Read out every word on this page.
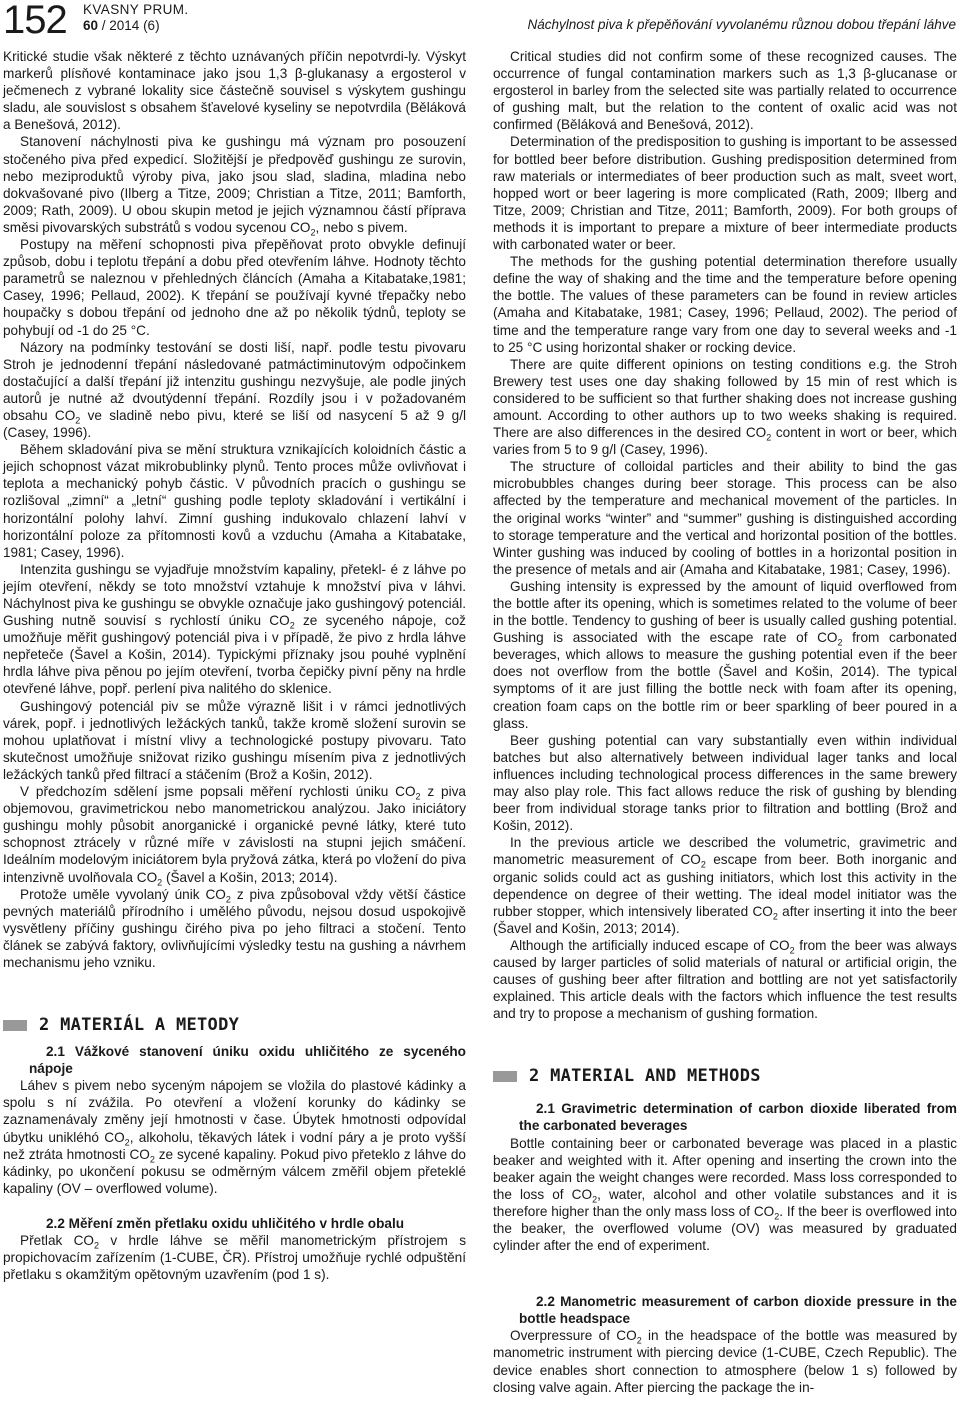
152 KVASNY PRUM.
60 / 2014 (6)	Náchylnost piva k přepěňování vyvolanému různou dobou třepání láhve

Kritické studie však některé z těchto uznávaných příčin nepotvrdi-ly. Výskyt markerů plísňové kontaminace jako jsou 1,3 β-glukanasy a ergosterol v ječmenech z vybrané lokality sice částečně souvisel s výskytem gushingu sladu, ale souvislost s obsahem šťavelové kyseliny se nepotvrdila (Běláková a Benešová, 2012).

Stanovení náchylnosti piva ke gushingu má význam pro posouzení stočeného piva před expedicí. Složitější je předpověď gushingu ze surovin, nebo meziproduktů výroby piva, jako jsou slad, sladina, mladina nebo dokvašované pivo (Ilberg a Titze, 2009; Christian a Titze, 2011; Bamforth, 2009; Rath, 2009). U obou skupin metod je jejich významnou částí příprava směsi pivovarských substrátů s vodou sycenou $CO_2$, nebo s pivem.

Postupy na měření schopnosti piva přepěňovat proto obvykle definují způsob, dobu i teplotu třepání a dobu před otevřením láhve. Hodnoty těchto parametrů se naleznou v přehledných článcích (Amaha a Kitabatake,1981; Casey, 1996; Pellaud, 2002). K třepání se používají kyvné třepačky nebo houpačky s dobou třepání od jednoho dne až po několik týdnů, teploty se pohybují od -1 do 25 °C.

Názory na podmínky testování se dosti liší, např. podle testu pivovaru Stroh je jednodenní třepání následované patmáctiminutovým odpočinkem dostačující a další třepání již intenzitu gushingu nezvyšuje, ale podle jiných autorů je nutné až dvoutýdenní třepání. Rozdíly jsou i v požadovaném obsahu $CO_2$ ve sladině nebo pivu, které se liší od nasycení 5 až 9 g/l (Casey, 1996).

Během skladování piva se mění struktura vznikajících koloidních částic a jejich schopnost vázat mikrobublinky plynů. Tento proces může ovlivňovat i teplota a mechanický pohyb částic. V původních pracích o gushingu se rozlišoval „zimní“ a „letní“ gushing podle teploty skladování i vertikální i horizontální polohy lahví. Zimní gushing indukovalo chlazení lahví v horizontální poloze za přítomnosti kovů a vzduchu (Amaha a Kitabatake, 1981; Casey, 1996).

Intenzita gushingu se vyjadřuje množstvím kapaliny, přetekl- é z láhve po jejím otevření, někdy se toto množství vztahuje k množství piva v láhvi. Náchylnost piva ke gushingu se obvykle označuje jako gushingový potenciál. Gushing nutně souvisí s rychlostí úniku $CO_2$ ze syceného nápoje, což umožňuje měřit gushingový potenciál piva i v případě, že pivo z hrdla láhve nepřeteče (Šavel a Košin, 2014). Typickými příznaky jsou pouhé vyplnění hrdla láhve piva pěnou po jejím otevření, tvorba čepičky pivní pěny na hrdle otevřené láhve, popř. perlení piva nalitého do sklenice.

Gushingový potenciál piv se může výrazně lišit i v rámci jednotlivých várek, popř. i jednotlivých ležáckých tanků, takže kromě složení surovin se mohou uplatňovat i místní vlivy a technologické postupy pivovaru. Tato skutečnost umožňuje snižovat riziko gushingu mísením piva z jednotlivých ležáckých tanků před filtrací a stáčením (Brož a Košin, 2012).

V předchozím sdělení jsme popsali měření rychlosti úniku $CO_2$ z piva objemovou, gravimetrickou nebo manometrickou analýzou. Jako iniciátory gushingu mohly působit anorganické i organické pevné látky, které tuto schopnost ztrácely v různé míře v závislosti na stupni jejich smáčení. Ideálním modelovým iniciátorem byla pryžová zátka, která po vložení do piva intenzivně uvolňovala $CO_2$ (Šavel a Košin, 2013; 2014).

Protože uměle vyvolaný únik $CO_2$ z piva způsoboval vždy větší částice pevných materiálů přírodního i umělého původu, nejsou dosud uspokojivě vysvětleny příčiny gushingu čirého piva po jeho filtraci a stočení. Tento článek se zabývá faktory, ovlivňujícími výsledky testu na gushing a návrhem mechanismu jeho vzniku.

2 MATERIÁL A METODY

2.1 Vážkové stanovení úniku oxidu uhličitého ze syceného nápoje

Láhev s pivem nebo syceným nápojem se vložila do plastové kádinky a spolu s ní zvážila. Po otevření a vložení korunky do kádinky se zaznamenávaly změny její hmotnosti v čase. Úbytek hmotnosti odpovídal úbytku unikléhó $CO_2$, alkoholu, těkavých látek i vodní páry a je proto vyšší než ztráta hmotnosti $CO_2$ ze sycené kapaliny. Pokud pivo přeteklo z láhve do kádinky, po ukončení pokusu se odměrným válcem změřil objem přeteklé kapaliny (OV – overflowed volume).

2.2 Měření změn přetlaku oxidu uhličitého v hrdle obalu

Přetlak $CO_2$ v hrdle láhve se měřil manometrickým přístrojem s propichovacím zařízením (1-CUBE, ČR). Přístroj umožňuje rychlé odpuštění přetlaku s okamžitým opětovným uzavřením (pod 1 s).

Critical studies did not confirm some of these recognized causes. The occurrence of fungal contamination markers such as 1,3 β-glucanase or ergosterol in barley from the selected site was partially related to occurrence of gushing malt, but the relation to the content of oxalic acid was not confirmed (Běláková and Benešová, 2012).

Determination of the predisposition to gushing is important to be assessed for bottled beer before distribution. Gushing predisposition determined from raw materials or intermediates of beer production such as malt, sveet wort, hopped wort or beer lagering is more complicated (Rath, 2009; Ilberg and Titze, 2009; Christian and Titze, 2011; Bamforth, 2009). For both groups of methods it is important to prepare a mixture of beer intermediate products with carbonated water or beer.

The methods for the gushing potential determination therefore usually define the way of shaking and the time and the temperature before opening the bottle. The values of these parameters can be found in review articles (Amaha and Kitabatake, 1981; Casey, 1996; Pellaud, 2002). The period of time and the temperature range vary from one day to several weeks and -1 to 25 °C using horizontal shaker or rocking device.

There are quite different opinions on testing conditions e.g. the Stroh Brewery test uses one day shaking followed by 15 min of rest which is considered to be sufficient so that further shaking does not increase gushing amount. According to other authors up to two weeks shaking is required. There are also differences in the desired $CO_2$ content in wort or beer, which varies from 5 to 9 g/l (Casey, 1996).

The structure of colloidal particles and their ability to bind the gas microbubbles changes during beer storage. This process can be also affected by the temperature and mechanical movement of the particles. In the original works “winter” and “summer” gushing is distinguished according to storage temperature and the vertical and horizontal position of the bottles. Winter gushing was induced by cooling of bottles in a horizontal position in the presence of metals and air (Amaha and Kitabatake, 1981; Casey, 1996).

Gushing intensity is expressed by the amount of liquid overflowed from the bottle after its opening, which is sometimes related to the volume of beer in the bottle. Tendency to gushing of beer is usually called gushing potential. Gushing is associated with the escape rate of $CO_2$ from carbonated beverages, which allows to measure the gushing potential even if the beer does not overflow from the bottle (Šavel and Košin, 2014). The typical symptoms of it are just filling the bottle neck with foam after its opening, creation foam caps on the bottle rim or beer sparkling of beer poured in a glass.

Beer gushing potential can vary substantially even within individual batches but also alternatively between individual lager tanks and local influences including technological process differences in the same brewery may also play role. This fact allows reduce the risk of gushing by blending beer from individual storage tanks prior to filtration and bottling (Brož and Košin, 2012).

In the previous article we described the volumetric, gravimetric and manometric measurement of $CO_2$ escape from beer. Both inorganic and organic solids could act as gushing initiators, which lost this activity in the dependence on degree of their wetting. The ideal model initiator was the rubber stopper, which intensively liberated $CO_2$ after inserting it into the beer (Šavel and Košin, 2013; 2014).

Although the artificially induced escape of $CO_2$ from the beer was always caused by larger particles of solid materials of natural or artificial origin, the causes of gushing beer after filtration and bottling are not yet satisfactorily explained. This article deals with the factors which influence the test results and try to propose a mechanism of gushing formation.

2 MATERIAL AND METHODS

2.1 Gravimetric determination of carbon dioxide liberated from the carbonated beverages

Bottle containing beer or carbonated beverage was placed in a plastic beaker and weighted with it. After opening and inserting the crown into the beaker again the weight changes were recorded. Mass loss corresponded to the loss of $CO_2$, water, alcohol and other volatile substances and it is therefore higher than the only mass loss of $CO_2$. If the beer is overflowed into the beaker, the overflowed volume (OV) was measured by graduated cylinder after the end of experiment.

2.2 Manometric measurement of carbon dioxide pressure in the bottle headspace

Overpressure of $CO_2$ in the headspace of the bottle was measured by manometric instrument with piercing device (1-CUBE, Czech Republic). The device enables short connection to atmosphere (below 1 s) followed by closing valve again. After piercing the package the in-
